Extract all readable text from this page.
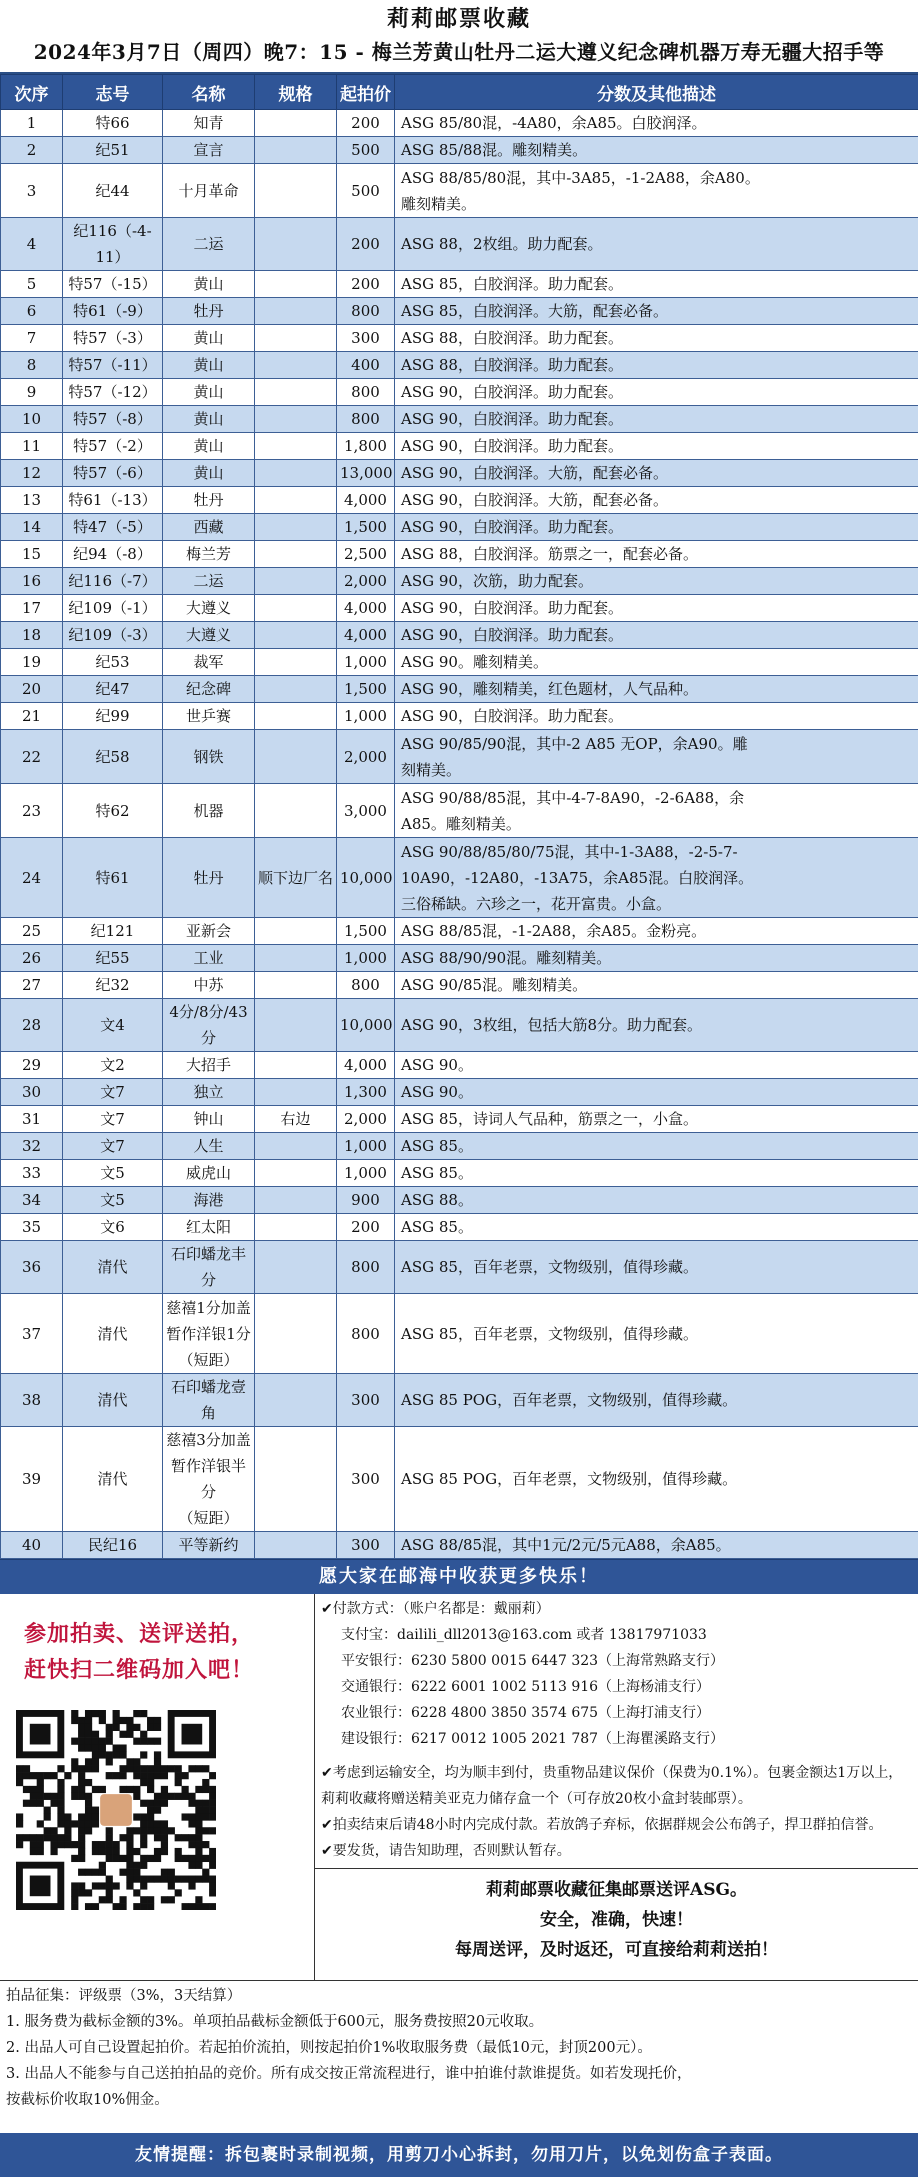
莉莉邮票收藏
2024年3月7日（周四）晚7：15 - 梅兰芳黄山牡丹二运大遵义纪念碑机器万寿无疆大招手等
次序	志号	名称	规格	起拍价	分数及其他描述
1	特66	知青		200	ASG 85/80混，-4A80，余A85。白胶润泽。

2	纪51	宣言		500	ASG 85/88混。雕刻精美。

3	纪44	十月革命		500	ASG 88/85/80混，其中-3A85，-1-2A88，余A80。
雕刻精美。

4	纪116（-4-11）	二运		200	ASG 88，2枚组。助力配套。

5	特57（-15）	黄山		200	ASG 85，白胶润泽。助力配套。

6	特61（-9）	牡丹		800	ASG 85，白胶润泽。大筋，配套必备。

7	特57（-3）	黄山		300	ASG 88，白胶润泽。助力配套。

8	特57（-11）	黄山		400	ASG 88，白胶润泽。助力配套。

9	特57（-12）	黄山		800	ASG 90，白胶润泽。助力配套。

10	特57（-8）	黄山		800	ASG 90，白胶润泽。助力配套。

11	特57（-2）	黄山		1,800	ASG 90，白胶润泽。助力配套。

12	特57（-6）	黄山		13,000	ASG 90，白胶润泽。大筋，配套必备。

13	特61（-13）	牡丹		4,000	ASG 90，白胶润泽。大筋，配套必备。

14	特47（-5）	西藏		1,500	ASG 90，白胶润泽。助力配套。

15	纪94（-8）	梅兰芳		2,500	ASG 88，白胶润泽。筋票之一，配套必备。

16	纪116（-7）	二运		2,000	ASG 90，次筋，助力配套。

17	纪109（-1）	大遵义		4,000	ASG 90，白胶润泽。助力配套。

18	纪109（-3）	大遵义		4,000	ASG 90，白胶润泽。助力配套。

19	纪53	裁军		1,000	ASG 90。雕刻精美。

20	纪47	纪念碑		1,500	ASG 90，雕刻精美，红色题材，人气品种。

21	纪99	世乒赛		1,000	ASG 90，白胶润泽。助力配套。

22	纪58	钢铁		2,000	ASG 90/85/90混，其中-2 A85 无OP，余A90。雕
刻精美。

23	特62	机器		3,000	ASG 90/88/85混，其中-4-7-8A90，-2-6A88，余
A85。雕刻精美。

24	特61	牡丹	顺下边厂名	10,000	ASG 90/88/85/80/75混，其中-1-3A88，-2-5-7-
10A90，-12A80，-13A75，余A85混。白胶润泽。
三俗稀缺。六珍之一，花开富贵。小盒。

25	纪121	亚新会		1,500	ASG 88/85混，-1-2A88，余A85。金粉亮。

26	纪55	工业		1,000	ASG 88/90/90混。雕刻精美。

27	纪32	中苏		800	ASG 90/85混。雕刻精美。

28	文4	4分/8分/43分		10,000	ASG 90，3枚组，包括大筋8分。助力配套。

29	文2	大招手		4,000	ASG 90。

30	文7	独立		1,300	ASG 90。

31	文7	钟山	右边	2,000	ASG 85，诗词人气品种，筋票之一，小盒。

32	文7	人生		1,000	ASG 85。

33	文5	威虎山		1,000	ASG 85。

34	文5	海港		900	ASG 88。

35	文6	红太阳		200	ASG 85。

36	清代	石印蟠龙丰分		800	ASG 85，百年老票，文物级别，值得珍藏。

37	清代	慈禧1分加盖
暂作洋银1分
（短距）		800	ASG 85，百年老票，文物级别，值得珍藏。

38	清代	石印蟠龙壹角		300	ASG 85 POG，百年老票，文物级别，值得珍藏。

39	清代	慈禧3分加盖
暂作洋银半分
（短距）		300	ASG 85 POG，百年老票，文物级别，值得珍藏。

40	民纪16	平等新约		300	ASG 88/85混，其中1元/2元/5元A88，余A85。
愿大家在邮海中收获更多快乐！
参加拍卖、送评送拍，
赶快扫二维码加入吧！
✔付款方式：（账户名都是：戴丽莉）
支付宝：dailili_dll2013@163.com 或者 13817971033
平安银行：6230 5800 0015 6447 323（上海常熟路支行）
交通银行：6222 6001 1002 5113 916（上海杨浦支行）
农业银行：6228 4800 3850 3574 675（上海打浦支行）
建设银行：6217 0012 1005 2021 787（上海瞿溪路支行）
✔考虑到运输安全，均为顺丰到付，贵重物品建议保价（保费为0.1%）。包裹金额达1万以上，莉莉收藏将赠送精美亚克力储存盒一个（可存放20枚小盒封装邮票）。
✔拍卖结束后请48小时内完成付款。若放鸽子弃标，依据群规会公布鸽子，捍卫群拍信誉。
✔要发货，请告知助理，否则默认暂存。
莉莉邮票收藏征集邮票送评ASG。
安全，准确，快速！
每周送评，及时返还，可直接给莉莉送拍！
拍品征集：评级票（3%，3天结算）
1. 服务费为截标金额的3%。单项拍品截标金额低于600元，服务费按照20元收取。
2. 出品人可自己设置起拍价。若起拍价流拍，则按起拍价1%收取服务费（最低10元，封顶200元）。
3. 出品人不能参与自己送拍拍品的竞价。所有成交按正常流程进行，谁中拍谁付款谁提货。如若发现托价，
按截标价收取10%佣金。
友情提醒：拆包裹时录制视频，用剪刀小心拆封，勿用刀片，以免划伤盒子表面。
